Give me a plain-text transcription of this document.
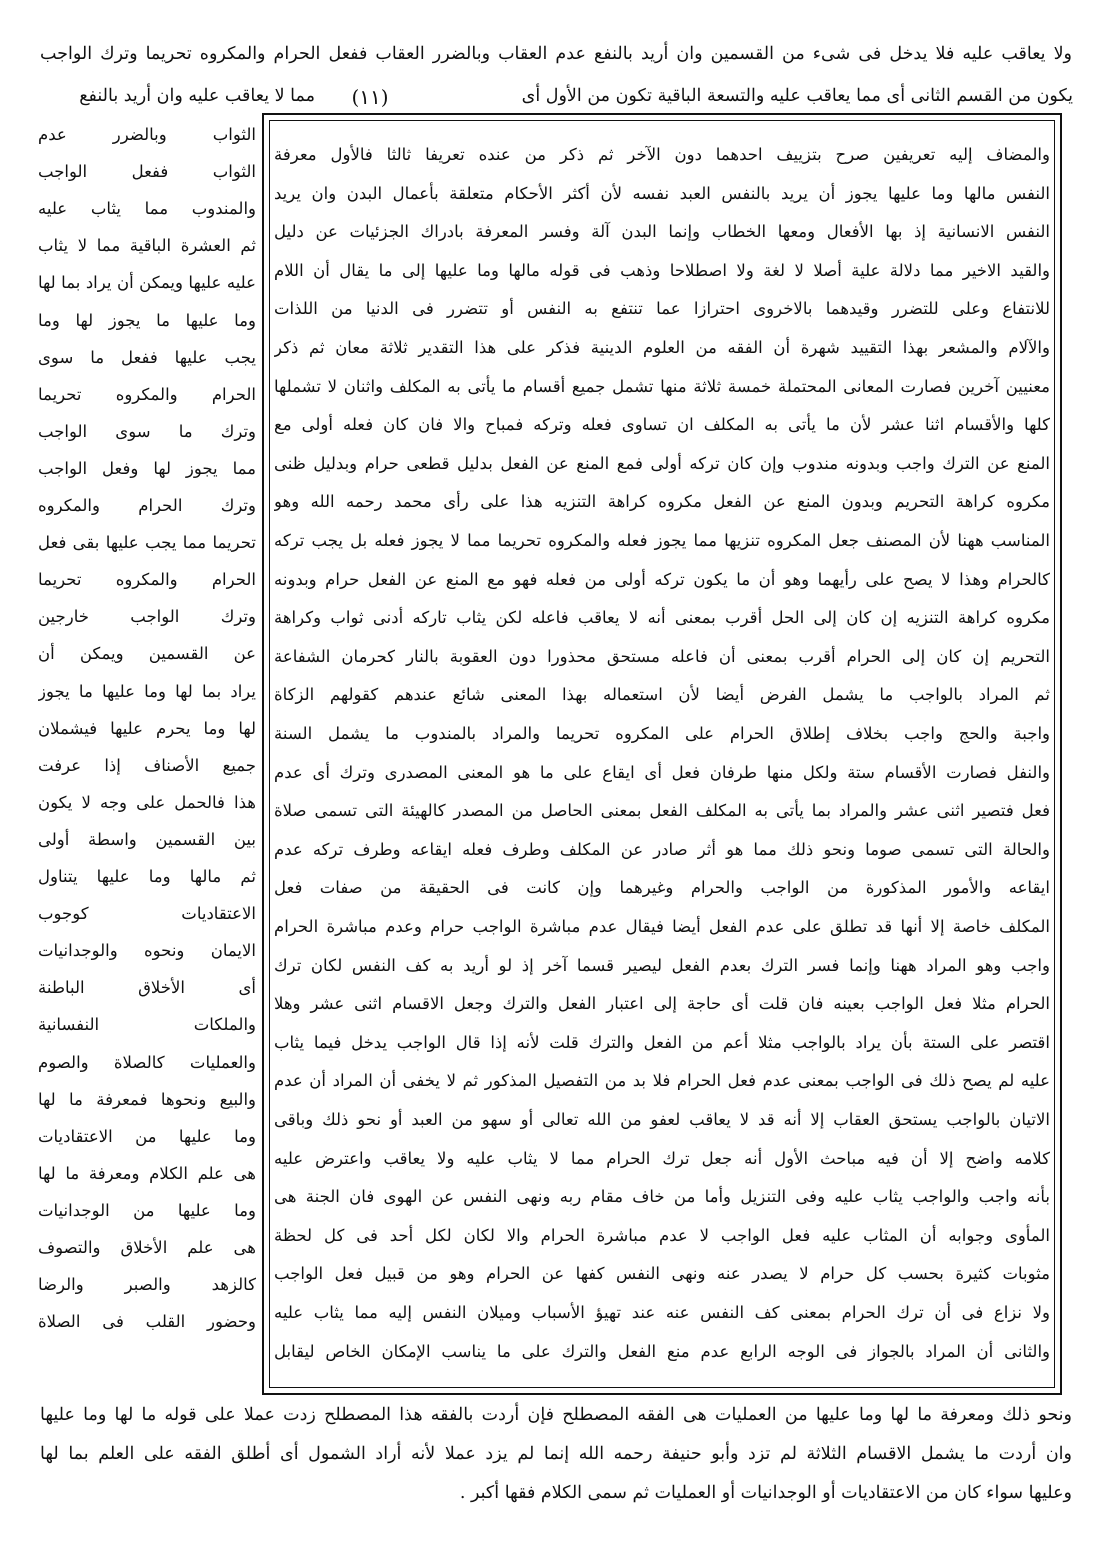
ولا يعاقب عليه فلا يدخل فى شىء من القسمين وان أريد بالنفع عدم العقاب وبالضرر العقاب ففعل الحرام والمكروه تحريما وترك الواجب
يكون من القسم الثانى أى مما يعاقب عليه والتسعة الباقية تكون من الأول أى
(١١)
مما لا يعاقب عليه وان أريد بالنفع
والمضاف إليه تعريفين صرح بتزييف احدهما دون الآخر ثم ذكر من عنده تعريفا ثالثا فالأول معرفة
النفس مالها وما عليها يجوز أن يريد بالنفس العبد نفسه لأن أكثر الأحكام متعلقة بأعمال البدن وان يريد
النفس الانسانية إذ بها الأفعال ومعها الخطاب وإنما البدن آلة وفسر المعرفة بادراك الجزئيات عن دليل
والقيد الاخير مما دلالة علية أصلا لا لغة ولا اصطلاحا وذهب فى قوله مالها وما عليها إلى ما يقال أن اللام
للانتفاع وعلى للتضرر وقيدهما بالاخروى احترازا عما تنتفع به النفس أو تتضرر فى الدنيا من اللذات
والآلام والمشعر بهذا التقييد شهرة أن الفقه من العلوم الدينية فذكر على هذا التقدير ثلاثة معان ثم ذكر
معنيين آخرين فصارت المعانى المحتملة خمسة ثلاثة منها تشمل جميع أقسام ما يأتى به المكلف واثنان لا تشملها
كلها والأقسام اثنا عشر لأن ما يأتى به المكلف ان تساوى فعله وتركه فمباح والا فان كان فعله أولى مع
المنع عن الترك واجب وبدونه مندوب وإن كان تركه أولى فمع المنع عن الفعل بدليل قطعى حرام وبدليل ظنى
مكروه كراهة التحريم وبدون المنع عن الفعل مكروه كراهة التنزيه هذا على رأى محمد رحمه الله وهو
المناسب ههنا لأن المصنف جعل المكروه تنزيها مما يجوز فعله والمكروه تحريما مما لا يجوز فعله بل يجب تركه
كالحرام وهذا لا يصح على رأيهما وهو أن ما يكون تركه أولى من فعله فهو مع المنع عن الفعل حرام وبدونه
مكروه كراهة التنزيه إن كان إلى الحل أقرب بمعنى أنه لا يعاقب فاعله لكن يثاب تاركه أدنى ثواب وكراهة
التحريم إن كان إلى الحرام أقرب بمعنى أن فاعله مستحق محذورا دون العقوبة بالنار كحرمان الشفاعة
ثم المراد بالواجب ما يشمل الفرض أيضا لأن استعماله بهذا المعنى شائع عندهم كقولهم الزكاة
واجبة والحج واجب بخلاف إطلاق الحرام على المكروه تحريما والمراد بالمندوب ما يشمل السنة
والنفل فصارت الأقسام ستة ولكل منها طرفان فعل أى ايقاع على ما هو المعنى المصدرى وترك أى عدم
فعل فتصير اثنى عشر والمراد بما يأتى به المكلف الفعل بمعنى الحاصل من المصدر كالهيئة التى تسمى صلاة
والحالة التى تسمى صوما ونحو ذلك مما هو أثر صادر عن المكلف وطرف فعله ايقاعه وطرف تركه عدم
ايقاعه والأمور المذكورة من الواجب والحرام وغيرهما وإن كانت فى الحقيقة من صفات فعل
المكلف خاصة إلا أنها قد تطلق على عدم الفعل أيضا فيقال عدم مباشرة الواجب حرام وعدم مباشرة الحرام
واجب وهو المراد ههنا وإنما فسر الترك بعدم الفعل ليصير قسما آخر إذ لو أريد به كف النفس لكان ترك
الحرام مثلا فعل الواجب بعينه فان قلت أى حاجة إلى اعتبار الفعل والترك وجعل الاقسام اثنى عشر وهلا
اقتصر على الستة بأن يراد بالواجب مثلا أعم من الفعل والترك قلت لأنه إذا قال الواجب يدخل فيما يثاب
عليه لم يصح ذلك فى الواجب بمعنى عدم فعل الحرام فلا بد من التفصيل المذكور ثم لا يخفى أن المراد أن عدم
الاتيان بالواجب يستحق العقاب إلا أنه قد لا يعاقب لعفو من الله تعالى أو سهو من العبد أو نحو ذلك وباقى
كلامه واضح إلا أن فيه مباحث الأول أنه جعل ترك الحرام مما لا يثاب عليه ولا يعاقب واعترض عليه
بأنه واجب والواجب يثاب عليه وفى التنزيل وأما من خاف مقام ربه ونهى النفس عن الهوى فان الجنة هى
المأوى وجوابه أن المثاب عليه فعل الواجب لا عدم مباشرة الحرام والا لكان لكل أحد فى كل لحظة
مثوبات كثيرة بحسب كل حرام لا يصدر عنه ونهى النفس كفها عن الحرام وهو من قبيل فعل الواجب
ولا نزاع فى أن ترك الحرام بمعنى كف النفس عنه عند تهيؤ الأسباب وميلان النفس إليه مما يثاب عليه
والثانى أن المراد بالجواز فى الوجه الرابع عدم منع الفعل والترك على ما يناسب الإمكان الخاص ليقابل
الثواب وبالضرر عدم
الثواب ففعل الواجب
والمندوب مما يثاب عليه
ثم العشرة الباقية مما لا يثاب
عليه عليها ويمكن أن يراد بما لها
وما عليها ما يجوز لها وما
يجب عليها ففعل ما سوى
الحرام والمكروه تحريما
وترك ما سوى الواجب
مما يجوز لها وفعل الواجب
وترك الحرام والمكروه
تحريما مما يجب عليها بقى فعل
الحرام والمكروه تحريما
وترك الواجب خارجين
عن القسمين ويمكن أن
يراد بما لها وما عليها ما يجوز
لها وما يحرم عليها فيشملان
جميع الأصناف إذا عرفت
هذا فالحمل على وجه لا يكون
بين القسمين واسطة أولى
ثم مالها وما عليها يتناول
الاعتقاديات كوجوب
الايمان ونحوه والوجدانيات
أى الأخلاق الباطنة
والملكات النفسانية
والعمليات كالصلاة والصوم
والبيع ونحوها فمعرفة ما لها
وما عليها من الاعتقاديات
هى علم الكلام ومعرفة ما لها
وما عليها من الوجدانيات
هى علم الأخلاق والتصوف
كالزهد والصبر والرضا
وحضور القلب فى الصلاة
ونحو ذلك ومعرفة ما لها وما عليها من العمليات هى الفقه المصطلح فإن أردت بالفقه هذا المصطلح زدت عملا على قوله ما لها وما عليها
وان أردت ما يشمل الاقسام الثلاثة لم تزد وأبو حنيفة رحمه الله إنما لم يزد عملا لأنه أراد الشمول أى أطلق الفقه على العلم بما لها
وعليها سواء كان من الاعتقاديات أو الوجدانيات أو العمليات ثم سمى الكلام فقها أكبر .
